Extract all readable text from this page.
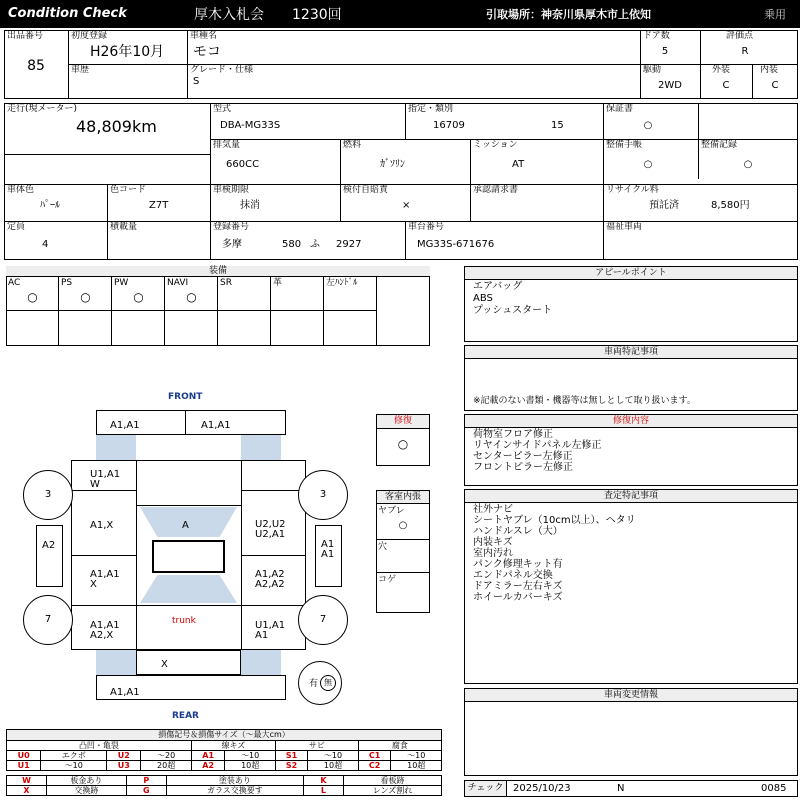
Condition Check	厚木入札会 1230回	引取場所：神奈川県厚木市上依知	乗用
出品番号
85
初度登録
H26年10月
車種名
モコ
ドア数
5
評価点
R
車歴	グレード・仕様
S
駆動
2WD
外装
C
内装
C
走行(現メーター)
48,809km
型式
DBA-MG33S
指定・類別
16709	15
保証書
○
排気量
660CC
燃料
ｶﾞｿﾘﾝ
ミッション
AT
整備手帳
○
整備記録
○
車体色
ﾊﾟｰﾙ
色コード
Z7T
車検期限
抹消
検付自賠責
×
承認請求書	リサイクル料
預託済	8,580円
定員
4
積載量	登録番号
多摩	580 ふ 2927
車台番号
MG33S-671676
福祉車両
装備
AC
○
PS
○
PW
○
NAVI
○
SR	革	左ﾊﾝﾄﾞﾙ
FRONT
REAR
A1,A1	A1,A1
U1,A1
W
A1,X
A1,A1
X
A1,A1
A2,X
U2,U2
U2,A1
A1,A2
A2,A2
U1,A1
A1
A
trunk
X
A1,A1
A2	A1
A1
3	3
7	7
有 無
修復
○
客室内張
ヤブレ
○
穴
コゲ
アピールポイント
エアバッグ
ABS
プッシュスタート
車両特記事項
※記載のない書類・機器等は無しとして取り扱います。
修復内容
荷物室フロア修正
リヤインサイドパネル左修正
センターピラー左修正
フロントピラー左修正
査定特記事項
社外ナビ
シートヤブレ（10cm以上）、ヘタリ
ハンドルスレ（大）
内装キズ
室内汚れ
パンク修理キット有
エンドパネル交換
ドアミラー左右キズ
ホイールカバーキズ
車両変更情報
チェック 2025/10/23	N	0085
損傷記号＆損傷サイズ（〜最大cm）
凸凹・亀裂				線キズ		サビ		腐食	
U0	エクボ	U2	〜20	A1	〜10	S1	〜10	C1	〜10
U1	〜10	U3	20超	A2	10超	S2	10超	C2	10超
W	板金あり	P	塗装あり	K	看板跡
X	交換跡	G	ガラス交換要す	L	レンズ割れ
